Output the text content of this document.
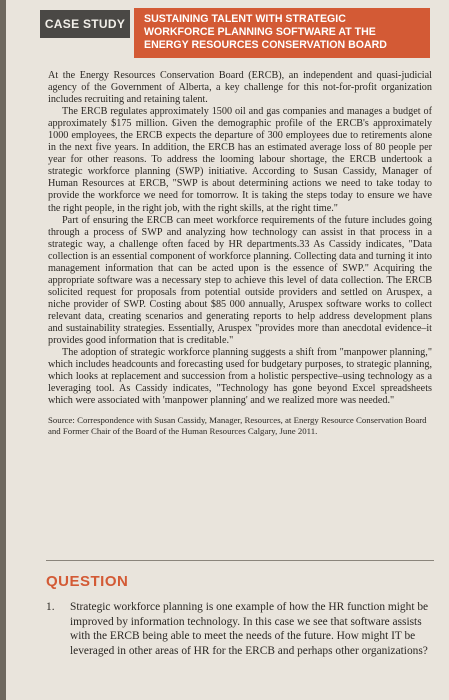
CASE STUDY	SUSTAINING TALENT WITH STRATEGIC
WORKFORCE PLANNING SOFTWARE AT THE
ENERGY RESOURCES CONSERVATION BOARD

At the Energy Resources Conservation Board (ERCB), an independent and quasi-judicial agency of the Government of Alberta, a key challenge for this not-for-profit organization includes recruiting and retaining talent.

The ERCB regulates approximately 1500 oil and gas companies and manages a budget of approximately $175 million. Given the demographic profile of the ERCB's approximately 1000 employees, the ERCB expects the departure of 300 employees due to retirements alone in the next five years. In addition, the ERCB has an estimated average loss of 80 people per year for other reasons. To address the looming labour shortage, the ERCB undertook a strategic workforce planning (SWP) initiative. According to Susan Cassidy, Manager of Human Resources at ERCB, "SWP is about determining actions we need to take today to provide the workforce we need for tomorrow. It is taking the steps today to ensure we have the right people, in the right job, with the right skills, at the right time."

Part of ensuring the ERCB can meet workforce requirements of the future includes going through a process of SWP and analyzing how technology can assist in that process in a strategic way, a challenge often faced by HR departments.33 As Cassidy indicates, "Data collection is an essential component of workforce planning. Collecting data and turning it into management information that can be acted upon is the essence of SWP." Acquiring the appropriate software was a necessary step to achieve this level of data collection. The ERCB solicited request for proposals from potential outside providers and settled on Aruspex, a niche provider of SWP. Costing about $85 000 annually, Aruspex software works to collect relevant data, creating scenarios and generating reports to help address development plans and sustainability strategies. Essentially, Aruspex "provides more than anecdotal evidence–it provides good information that is creditable."

The adoption of strategic workforce planning suggests a shift from "manpower planning," which includes headcounts and forecasting used for budgetary purposes, to strategic planning, which looks at replacement and succession from a holistic perspective–using technology as a leveraging tool. As Cassidy indicates, "Technology has gone beyond Excel spreadsheets which were associated with 'manpower planning' and we realized more was needed."

Source: Correspondence with Susan Cassidy, Manager, Resources, at Energy Resource Conservation Board and Former Chair of the Board of the Human Resources Calgary, June 2011.

QUESTION
1.	Strategic workforce planning is one example of how the HR function might be improved by information technology. In this case we see that software assists with the ERCB being able to meet the needs of the future. How might IT be leveraged in other areas of HR for the ERCB and perhaps other organizations?
